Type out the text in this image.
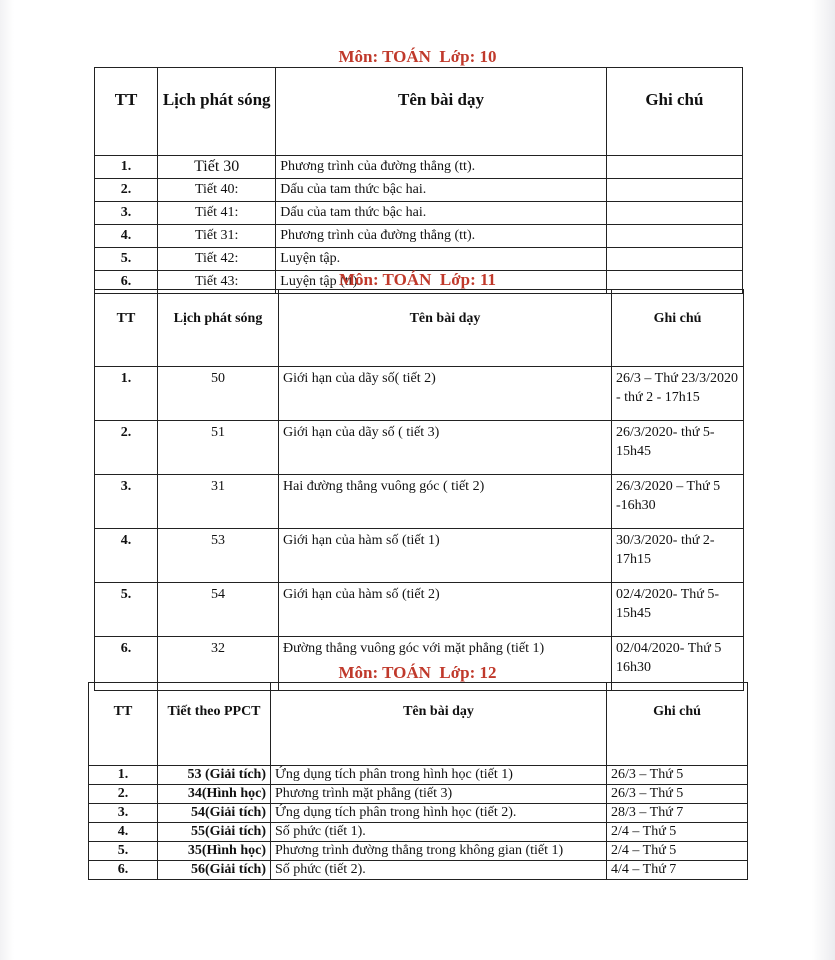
Môn: TOÁN  Lớp: 10
TT	Lịch phát sóng	Tên bài dạy	Ghi chú
1.	Tiết 30	Phương trình của đường thẳng (tt).	
2.	Tiết 40:	Dấu của tam thức bậc hai.	
3.	Tiết 41:	Dấu của tam thức bậc hai.	
4.	Tiết 31:	Phương trình của đường thẳng (tt).	
5.	Tiết 42:	Luyện tập.	
6.	Tiết 43:	Luyện tập (tt).	
Môn: TOÁN  Lớp: 11
TT	Lịch phát sóng	Tên bài dạy	Ghi chú
1.	50	Giới hạn của dãy số( tiết 2)	26/3 – Thứ 23/3/2020 - thứ 2 - 17h15
2.	51	Giới hạn của dãy số ( tiết 3)	26/3/2020- thứ 5- 15h45
3.	31	Hai đường thẳng vuông góc ( tiết 2)	26/3/2020 – Thứ 5 -16h30
4.	53	Giới hạn của hàm số (tiết 1)	30/3/2020- thứ 2- 17h15
5.	54	Giới hạn của hàm số (tiết 2)	02/4/2020- Thứ 5- 15h45
6.	32	Đường thẳng vuông góc với mặt phẳng (tiết 1)	02/04/2020- Thứ 5 16h30
Môn: TOÁN  Lớp: 12
TT	Tiết theo PPCT	Tên bài dạy	Ghi chú
1.	53 (Giải tích)	Ứng dụng tích phân trong hình học (tiết 1)	26/3 – Thứ 5
2.	34(Hình học)	Phương trình mặt phẳng (tiết 3)	26/3 – Thứ 5
3.	54(Giải tích)	Ứng dụng tích phân trong hình học (tiết 2).	28/3 – Thứ 7
4.	55(Giải tích)	Số phức (tiết 1).	2/4 – Thứ 5
5.	35(Hình học)	Phương trình đường thẳng trong không gian (tiết 1)	2/4 – Thứ 5
6.	56(Giải tích)	Số phức (tiết 2).	4/4 – Thứ 7
